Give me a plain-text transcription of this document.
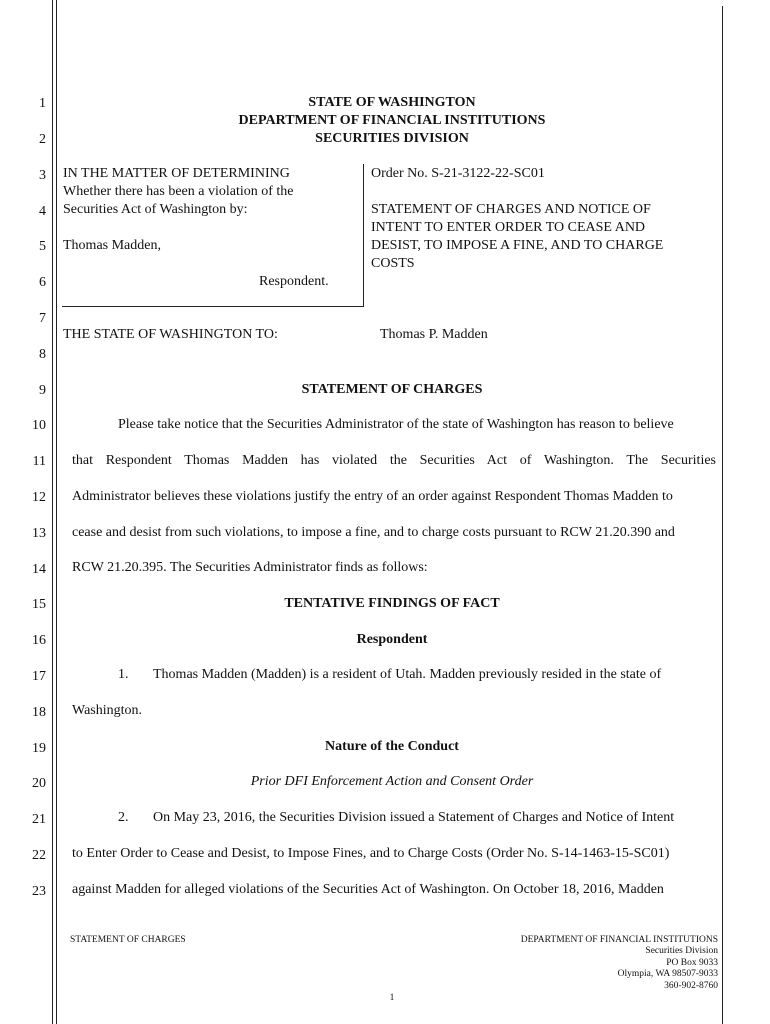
1
2
3
4
5
6
7
8
9
10
11
12
13
14
15
16
17
18
19
20
21
22
23
STATE OF WASHINGTON
DEPARTMENT OF FINANCIAL INSTITUTIONS
SECURITIES DIVISION
IN THE MATTER OF DETERMINING
Whether there has been a violation of the
Securities Act of Washington by:
Thomas Madden,
Respondent.
Order No. S-21-3122-22-SC01
STATEMENT OF CHARGES AND NOTICE OF
INTENT TO ENTER ORDER TO CEASE AND
DESIST, TO IMPOSE A FINE, AND TO CHARGE
COSTS
THE STATE OF WASHINGTON TO:	Thomas P. Madden
STATEMENT OF CHARGES
Please take notice that the Securities Administrator of the state of Washington has reason to believe
that Respondent Thomas Madden has violated the Securities Act of Washington. The Securities
Administrator believes these violations justify the entry of an order against Respondent Thomas Madden to
cease and desist from such violations, to impose a fine, and to charge costs pursuant to RCW 21.20.390 and
RCW 21.20.395. The Securities Administrator finds as follows:
TENTATIVE FINDINGS OF FACT
Respondent
1. Thomas Madden (Madden) is a resident of Utah. Madden previously resided in the state of
Washington.
Nature of the Conduct
Prior DFI Enforcement Action and Consent Order
2. On May 23, 2016, the Securities Division issued a Statement of Charges and Notice of Intent
to Enter Order to Cease and Desist, to Impose Fines, and to Charge Costs (Order No. S-14-1463-15-SC01)
against Madden for alleged violations of the Securities Act of Washington. On October 18, 2016, Madden
STATEMENT OF CHARGES	DEPARTMENT OF FINANCIAL INSTITUTIONS
Securities Division
PO Box 9033
Olympia, WA 98507-9033
360-902-8760
1
